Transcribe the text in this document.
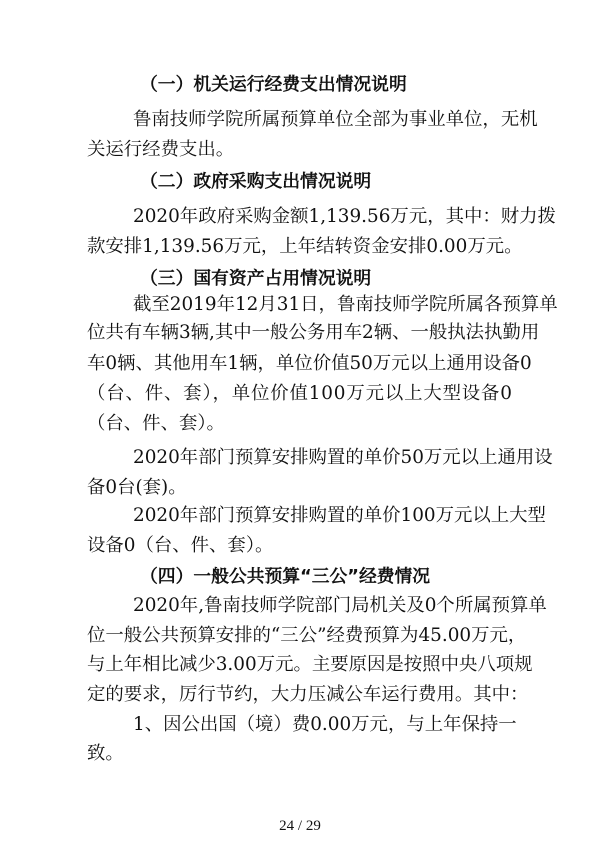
（一）机关运行经费支出情况说明
鲁南技师学院所属预算单位全部为事业单位，无机
关运行经费支出。
（二）政府采购支出情况说明
2020年政府采购金额1,139.56万元，其中：财力拨
款安排1,139.56万元，上年结转资金安排0.00万元。
（三）国有资产占用情况说明
截至2019年12月31日，鲁南技师学院所属各预算单
位共有车辆3辆,其中一般公务用车2辆、一般执法执勤用
车0辆、其他用车1辆，单位价值50万元以上通用设备0
（台、件、套），单位价值100万元以上大型设备0
（台、件、套）。
2020年部门预算安排购置的单价50万元以上通用设
备0台(套)。
2020年部门预算安排购置的单价100万元以上大型
设备0（台、件、套）。
（四）一般公共预算“三公”经费情况
2020年,鲁南技师学院部门局机关及0个所属预算单
位一般公共预算安排的“三公”经费预算为45.00万元，
与上年相比减少3.00万元。主要原因是按照中央八项规
定的要求，厉行节约，大力压减公车运行费用。其中：
1、因公出国（境）费0.00万元，与上年保持一
致。
24 / 29
